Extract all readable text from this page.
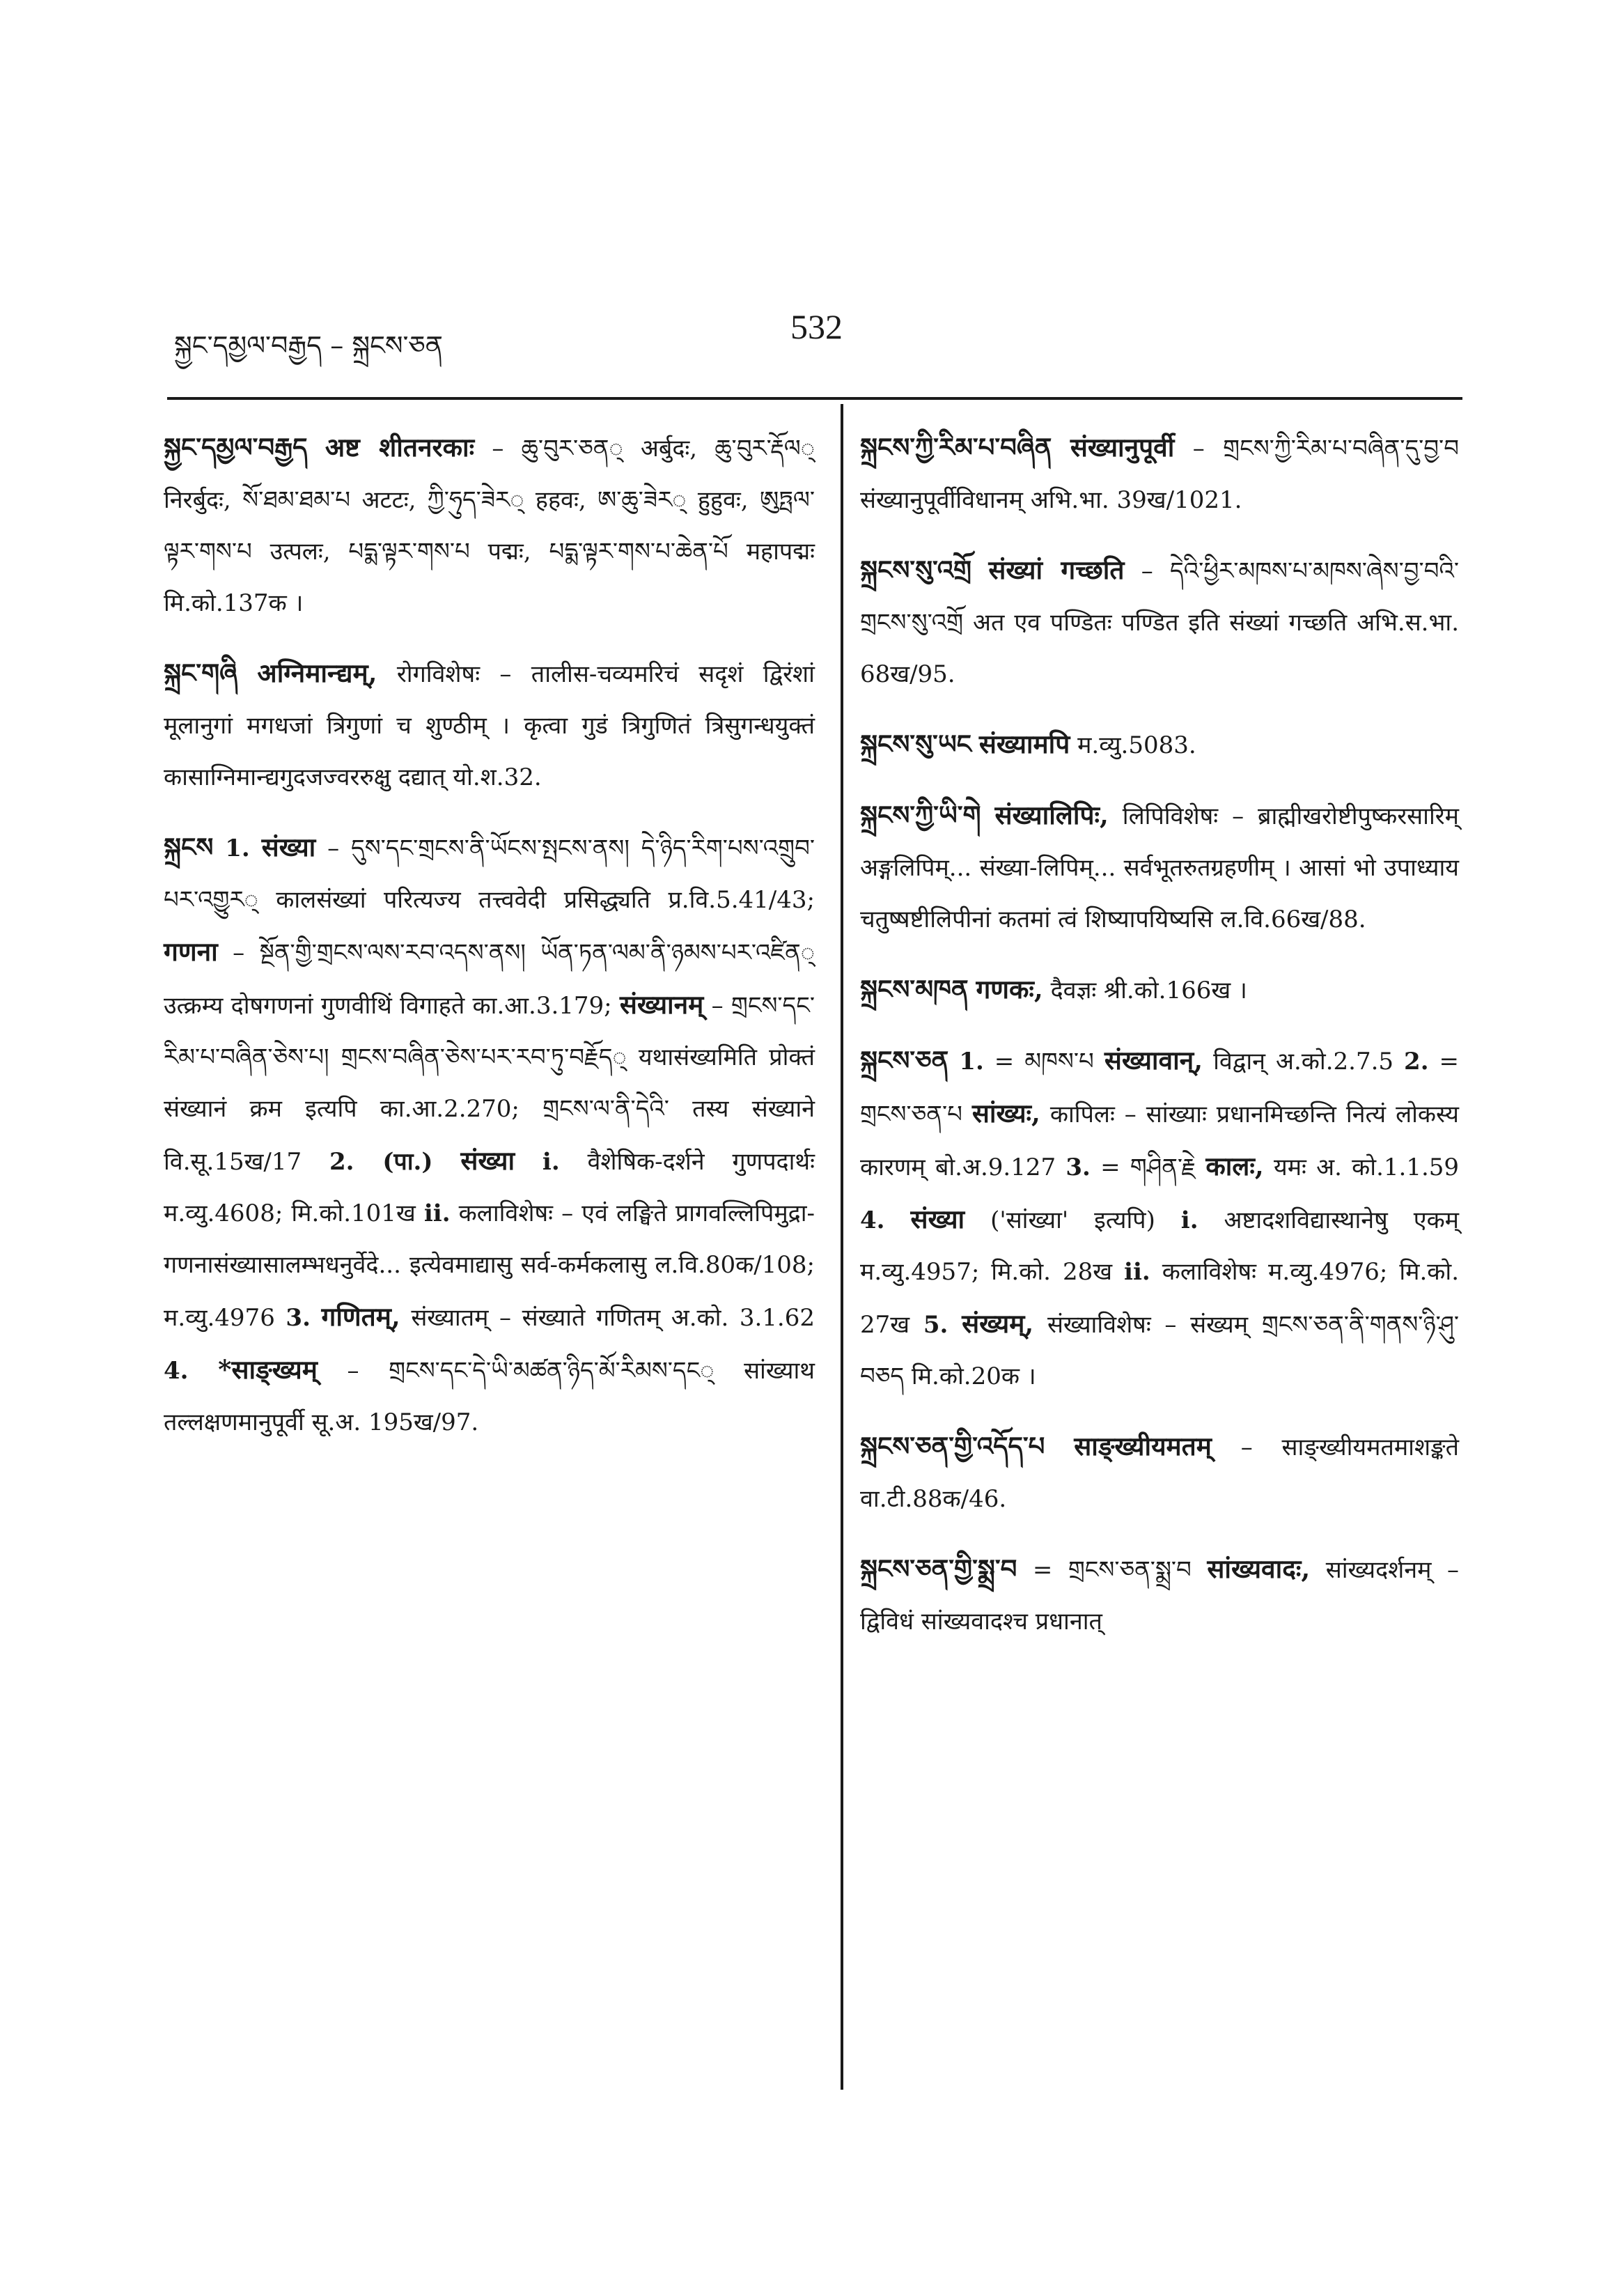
སྐྱང་དམྱལ་བརྒྱད – སྐྲངས་ཅན	532

སྐྱང་དམྱལ་བརྒྱད अष्ट शीतनरकाः – ཆུ་བུར་ཅན् अर्बुदः, ཆུ་བུར་རྡོལ् निरर्बुदः, སོ་ཐམ་ཐམ་པ अटटः, ཀྱི་ཧུད་ཟེར् हहवः, ཨ་ཆུ་ཟེར् हुहुवः, ཨུཏྤལ་ལྟར་གས་པ उत्पलः, པདྨ་ལྟར་གས་པ पद्मः, པདྨ་ལྟར་གས་པ་ཆེན་པོ महापद्मः मि.को.137क ।

སྐྲང་གཞི अग्निमान्द्यम्, रोगविशेषः – तालीस-चव्यमरिचं सदृशं द्विरंशां मूलानुगां मगधजां त्रिगुणां च शुण्ठीम् । कृत्वा गुडं त्रिगुणितं त्रिसुगन्धयुक्तं कासाग्निमान्द्यगुदजज्वररुक्षु दद्यात् यो.श.32.

སྐྲངས 1. संख्या – དུས་དང་གྲངས་ནི་ཡོངས་སྤངས་ནས། དེ་ཉིད་རིག་པས་འགྲུབ་པར་འགྱུར् कालसंख्यां परित्यज्य तत्त्ववेदी प्रसिद्ध्यति प्र.वि.5.41/43; गणना – སྔོན་གྱི་གྲངས་ལས་རབ་འདས་ནས། ཡོན་ཏན་ལམ་ནི་ཉམས་པར་འཛིན् उत्क्रम्य दोषगणनां गुणवीथिं विगाहते का.आ.3.179; संख्यानम् – གྲངས་དང་རིམ་པ་བཞིན་ཅེས་པ། གྲངས་བཞིན་ཅེས་པར་རབ་ཏུ་བརྗོད् यथासंख्यमिति प्रोक्तं संख्यानं क्रम इत्यपि का.आ.2.270; གྲངས་ལ་ནི་དེའི་ तस्य संख्याने वि.सू.15ख/17 2. (पा.) संख्या i. वैशेषिक-दर्शने गुणपदार्थः म.व्यु.4608; मि.को.101ख ii. कलाविशेषः – एवं लङ्घिते प्रागवल्लिपिमुद्रा-गणनासंख्यासालम्भधनुर्वेदे... इत्येवमाद्यासु सर्व-कर्मकलासु ल.वि.80क/108; म.व्यु.4976 3. गणितम्, संख्यातम् – संख्याते गणितम् अ.को. 3.1.62 4. *साङ्ख्यम् – གྲངས་དང་དེ་ཡི་མཚན་ཉིད་མོ་རིམས་དང् सांख्याथ तल्लक्षणमानुपूर्वी सू.अ. 195ख/97.

སྐྲངས་ཀྱི་རིམ་པ་བཞིན संख्यानुपूर्वी – གྲངས་ཀྱི་རིམ་པ་བཞིན་དུ་བྱ་བ संख्यानुपूर्वीविधानम् अभि.भा. 39ख/1021.

སྐྲངས་སུ་འགྲོ संख्यां गच्छति – དེའི་ཕྱིར་མཁས་པ་མཁས་ཞེས་བྱ་བའི་གྲངས་སུ་འགྲོ अत एव पण्डितः पण्डित इति संख्यां गच्छति अभि.स.भा. 68ख/95.

སྐྲངས་སུ་ཡང संख्यामपि म.व्यु.5083.

སྐྲངས་ཀྱི་ཡི་གེ संख्यालिपिः, लिपिविशेषः – ब्राह्मीखरोष्टीपुष्करसारिम् अङ्गलिपिम्... संख्या-लिपिम्... सर्वभूतरुतग्रहणीम् । आसां भो उपाध्याय चतुष्षष्टीलिपीनां कतमां त्वं शिष्यापयिष्यसि ल.वि.66ख/88.

སྐྲངས་མཁན गणकः, दैवज्ञः श्री.को.166ख ।

སྐྲངས་ཅན 1. = མཁས་པ संख्यावान्, विद्वान् अ.को.2.7.5 2. = གྲངས་ཅན་པ सांख्यः, कापिलः – सांख्याः प्रधानमिच्छन्ति नित्यं लोकस्य कारणम् बो.अ.9.127 3. = གཤིན་རྗེ कालः, यमः अ. को.1.1.59 4. संख्या ('सांख्या' इत्यपि) i. अष्टादशविद्यास्थानेषु एकम् म.व्यु.4957; मि.को. 28ख ii. कलाविशेषः म.व्यु.4976; मि.को. 27ख 5. संख्यम्, संख्याविशेषः – संख्यम् གྲངས་ཅན་ནི་གནས་ཉི་ཤུ་བཅད मि.को.20क ।

སྐྲངས་ཅན་གྱི་འདོད་པ साङ्ख्यीयमतम् – साङ्ख्यीयमतमाशङ्कते वा.टी.88क/46.

སྐྲངས་ཅན་གྱི་སྨྲ་བ = གྲངས་ཅན་སྨྲ་བ सांख्यवादः, सांख्यदर्शनम् – द्विविधं सांख्यवादश्च प्रधानात्
